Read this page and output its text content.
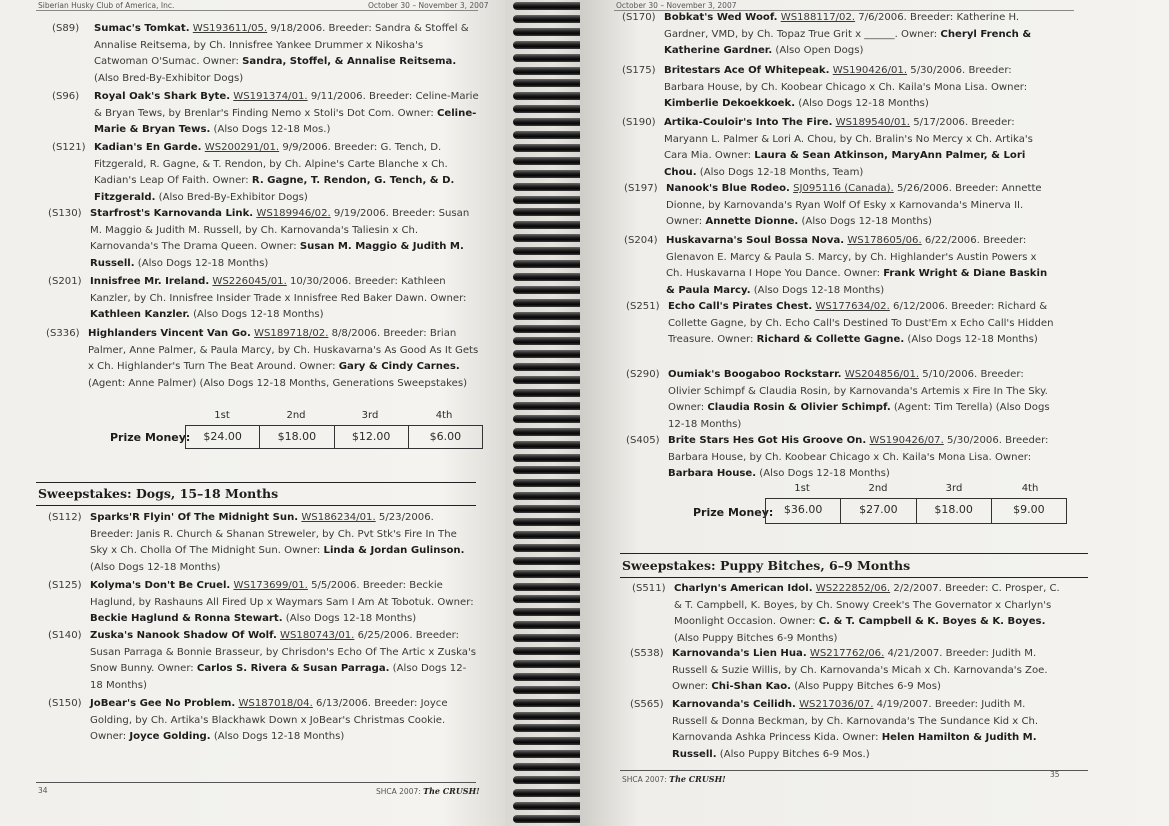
Siberian Husky Club of America, Inc.	October 30 – November 3, 2007
(S89) Sumac's Tomkat. WS193611/05. 9/18/2006. Breeder: Sandra & Stoffel & Annalise Reitsema, by Ch. Innisfree Yankee Drummer x Nikosha's Catwoman O'Sumac. Owner: Sandra, Stoffel, & Annalise Reitsema. (Also Bred-By-Exhibitor Dogs)
(S96) Royal Oak's Shark Byte. WS191374/01. 9/11/2006. Breeder: Celine-Marie & Bryan Tews, by Brenlar's Finding Nemo x Stoli's Dot Com. Owner: Celine-Marie & Bryan Tews. (Also Dogs 12-18 Mos.)
(S121) Kadian's En Garde. WS200291/01. 9/9/2006. Breeder: G. Tench, D. Fitzgerald, R. Gagne, & T. Rendon, by Ch. Alpine's Carte Blanche x Ch. Kadian's Leap Of Faith. Owner: R. Gagne, T. Rendon, G. Tench, & D. Fitzgerald. (Also Bred-By-Exhibitor Dogs)
(S130) Starfrost's Karnovanda Link. WS189946/02. 9/19/2006. Breeder: Susan M. Maggio & Judith M. Russell, by Ch. Karnovanda's Taliesin x Ch. Karnovanda's The Drama Queen. Owner: Susan M. Maggio & Judith M. Russell. (Also Dogs 12-18 Months)
(S201) Innisfree Mr. Ireland. WS226045/01. 10/30/2006. Breeder: Kathleen Kanzler, by Ch. Innisfree Insider Trade x Innisfree Red Baker Dawn. Owner: Kathleen Kanzler. (Also Dogs 12-18 Months)
(S336) Highlanders Vincent Van Go. WS189718/02. 8/8/2006. Breeder: Brian Palmer, Anne Palmer, & Paula Marcy, by Ch. Huskavarna's As Good As It Gets x Ch. Highlander's Turn The Beat Around. Owner: Gary & Cindy Carnes. (Agent: Anne Palmer) (Also Dogs 12-18 Months, Generations Sweepstakes)
1st	2nd	3rd	4th
Prize Money:	$24.00	$18.00	$12.00	$6.00
Sweepstakes: Dogs, 15–18 Months
(S112) Sparks'R Flyin' Of The Midnight Sun. WS186234/01. 5/23/2006. Breeder: Janis R. Church & Shanan Streweler, by Ch. Pvt Stk's Fire In The Sky x Ch. Cholla Of The Midnight Sun. Owner: Linda & Jordan Gulinson. (Also Dogs 12-18 Months)
(S125) Kolyma's Don't Be Cruel. WS173699/01. 5/5/2006. Breeder: Beckie Haglund, by Rashauns All Fired Up x Waymars Sam I Am At Tobotuk. Owner: Beckie Haglund & Ronna Stewart. (Also Dogs 12-18 Months)
(S140) Zuska's Nanook Shadow Of Wolf. WS180743/01. 6/25/2006. Breeder: Susan Parraga & Bonnie Brasseur, by Chrisdon's Echo Of The Artic x Zuska's Snow Bunny. Owner: Carlos S. Rivera & Susan Parraga. (Also Dogs 12-18 Months)
(S150) JoBear's Gee No Problem. WS187018/04. 6/13/2006. Breeder: Joyce Golding, by Ch. Artika's Blackhawk Down x JoBear's Christmas Cookie. Owner: Joyce Golding. (Also Dogs 12-18 Months)
34	SHCA 2007: The CRUSH!
October 30 – November 3, 2007
(S170) Bobkat's Wed Woof. WS188117/02. 7/6/2006. Breeder: Katherine H. Gardner, VMD, by Ch. Topaz True Grit x ______. Owner: Cheryl French & Katherine Gardner. (Also Open Dogs)
(S175) Britestars Ace Of Whitepeak. WS190426/01. 5/30/2006. Breeder: Barbara House, by Ch. Koobear Chicago x Ch. Kaila's Mona Lisa. Owner: Kimberlie Dekoekkoek. (Also Dogs 12-18 Months)
(S190) Artika-Couloir's Into The Fire. WS189540/01. 5/17/2006. Breeder: Maryann L. Palmer & Lori A. Chou, by Ch. Bralin's No Mercy x Ch. Artika's Cara Mia. Owner: Laura & Sean Atkinson, MaryAnn Palmer, & Lori Chou. (Also Dogs 12-18 Months, Team)
(S197) Nanook's Blue Rodeo. SJ095116 (Canada). 5/26/2006. Breeder: Annette Dionne, by Karnovanda's Ryan Wolf Of Esky x Karnovanda's Minerva II. Owner: Annette Dionne. (Also Dogs 12-18 Months)
(S204) Huskavarna's Soul Bossa Nova. WS178605/06. 6/22/2006. Breeder: Glenavon E. Marcy & Paula S. Marcy, by Ch. Highlander's Austin Powers x Ch. Huskavarna I Hope You Dance. Owner: Frank Wright & Diane Baskin & Paula Marcy. (Also Dogs 12-18 Months)
(S251) Echo Call's Pirates Chest. WS177634/02. 6/12/2006. Breeder: Richard & Collette Gagne, by Ch. Echo Call's Destined To Dust'Em x Echo Call's Hidden Treasure. Owner: Richard & Collette Gagne. (Also Dogs 12-18 Months)
(S290) Oumiak's Boogaboo Rockstarr. WS204856/01. 5/10/2006. Breeder: Olivier Schimpf & Claudia Rosin, by Karnovanda's Artemis x Fire In The Sky. Owner: Claudia Rosin & Olivier Schimpf. (Agent: Tim Terella) (Also Dogs 12-18 Months)
(S405) Brite Stars Hes Got His Groove On. WS190426/07. 5/30/2006. Breeder: Barbara House, by Ch. Koobear Chicago x Ch. Kaila's Mona Lisa. Owner: Barbara House. (Also Dogs 12-18 Months)
1st	2nd	3rd	4th
Prize Money: $36.00	$27.00	$18.00	$9.00
Sweepstakes: Puppy Bitches, 6–9 Months
(S511) Charlyn's American Idol. WS222852/06. 2/2/2007. Breeder: C. Prosper, C. & T. Campbell, K. Boyes, by Ch. Snowy Creek's The Governator x Charlyn's Moonlight Occasion. Owner: C. & T. Campbell & K. Boyes & K. Boyes. (Also Puppy Bitches 6-9 Months)
(S538) Karnovanda's Lien Hua. WS217762/06. 4/21/2007. Breeder: Judith M. Russell & Suzie Willis, by Ch. Karnovanda's Micah x Ch. Karnovanda's Zoe. Owner: Chi-Shan Kao. (Also Puppy Bitches 6-9 Mos)
(S565) Karnovanda's Ceilidh. WS217036/07. 4/19/2007. Breeder: Judith M. Russell & Donna Beckman, by Ch. Karnovanda's The Sundance Kid x Ch. Karnovanda Ashka Princess Kida. Owner: Helen Hamilton & Judith M. Russell. (Also Puppy Bitches 6-9 Mos.)
SHCA 2007: The CRUSH!	35
